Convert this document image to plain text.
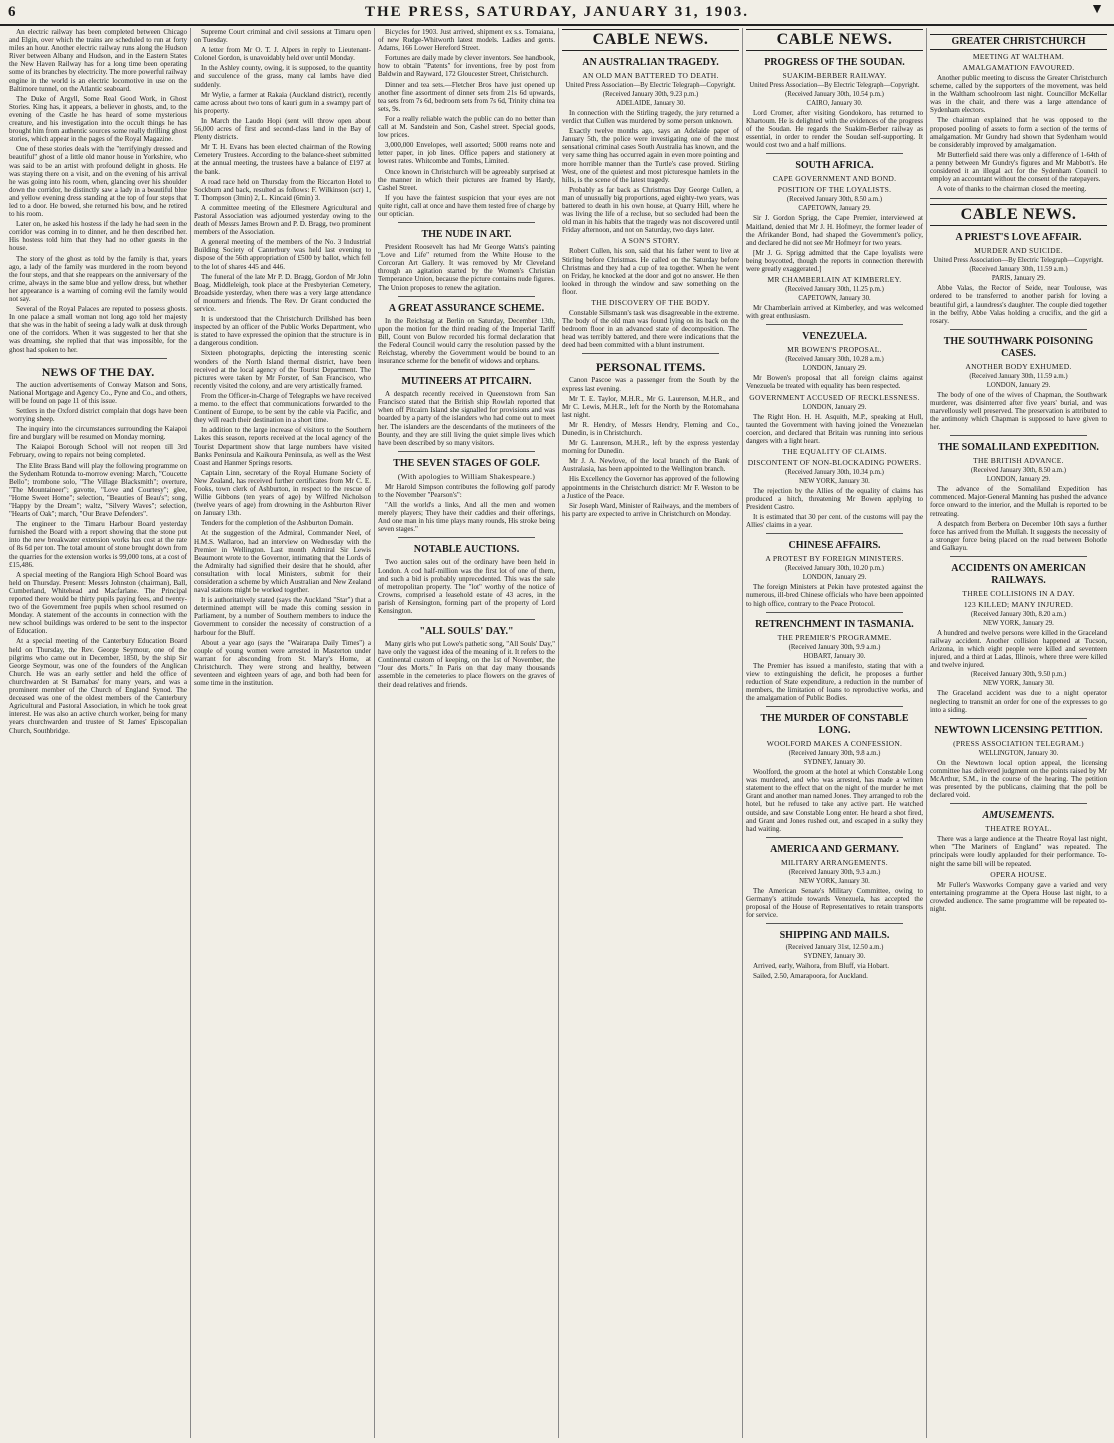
6	THE PRESS, SATURDAY, JANUARY 31, 1903.	▼

An electric railway has been completed between Chicago and Elgin, over which the trains are scheduled to run at forty miles an hour. Another electric railway runs along the Hudson River between Albany and Hudson, and in the Eastern States the New Haven Railway has for a long time been operating some of its branches by electricity. The more powerful railway engine in the world is an electric locomotive in use on the Baltimore tunnel, on the Atlantic seaboard.

The Duke of Argyll, Some Real Good Work, in Ghost Stories. King has, it appears, a believer in ghosts, and, to the evening of the Castle he has heard of some mysterious creature, and his investigation into the occult things he has brought him from authentic sources some really thrilling ghost stories, which appear in the pages of the Royal Magazine.

One of these stories deals with the "terrifyingly dressed and beautiful" ghost of a little old manor house in Yorkshire, who was said to be an artist with profound delight in ghosts. He was staying there on a visit, and on the evening of his arrival he was going into his room, when, glancing over his shoulder down the corridor, he distinctly saw a lady in a beautiful blue and yellow evening dress standing at the top of four steps that led to a door. He bowed, she returned his bow, and he retired to his room.

Later on, he asked his hostess if the lady he had seen in the corridor was coming in to dinner, and he then described her. His hostess told him that they had no other guests in the house.

The story of the ghost as told by the family is that, years ago, a lady of the family was murdered in the room beyond the four steps, and that she reappears on the anniversary of the crime, always in the same blue and yellow dress, but whether her appearance is a warning of coming evil the family would not say.

Several of the Royal Palaces are reputed to possess ghosts. In one palace a small woman not long ago told her majesty that she was in the habit of seeing a lady walk at dusk through one of the corridors. When it was suggested to her that she was dreaming, she replied that that was impossible, for the ghost had spoken to her.

NEWS OF THE DAY.

The auction advertisements of Conway Matson and Sons, National Mortgage and Agency Co., Pyne and Co., and others, will be found on page 11 of this issue.

Settlers in the Oxford district complain that dogs have been worrying sheep.

The inquiry into the circumstances surrounding the Kaiapoi fire and burglary will be resumed on Monday morning.

The Kaiapoi Borough School will not reopen till 3rd February, owing to repairs not being completed.

The Elite Brass Band will play the following programme on the Sydenham Rotunda to-morrow evening: March, "Coucette Bello"; trombone solo, "The Village Blacksmith"; overture, "The Mountaineer"; gavotte, "Love and Courtesy"; glee, "Home Sweet Home"; selection, "Beauties of Beau's"; song, "Happy by the Dream"; waltz, "Silvery Waves"; selection, "Hearts of Oak"; march, "Our Brave Defenders".

The engineer to the Timaru Harbour Board yesterday furnished the Board with a report showing that the stone put into the new breakwater extension works has cost at the rate of 8s 6d per ton. The total amount of stone brought down from the quarries for the extension works is 99,000 tons, at a cost of £15,486.

A special meeting of the Rangiora High School Board was held on Thursday. Present: Messrs Johnston (chairman), Ball, Cumberland, Whitehead and Macfarlane. The Principal reported there would be thirty pupils paying fees, and twenty-two of the Government free pupils when school resumed on Monday. A statement of the accounts in connection with the new school buildings was ordered to be sent to the inspector of Education.

At a special meeting of the Canterbury Education Board held on Thursday, the Rev. George Seymour, one of the pilgrims who came out in December, 1850, by the ship Sir George Seymour, was one of the founders of the Anglican Church. He was an early settler and held the office of churchwarden at St Barnabas' for many years, and was a prominent member of the Church of England Synod. The deceased was one of the oldest members of the Canterbury Agricultural and Pastoral Association, in which he took great interest. He was also an active church worker, being for many years churchwarden and trustee of St James' Episcopalian Church, Southbridge.

Supreme Court criminal and civil sessions at Timaru open on Tuesday.

A letter from Mr O. T. J. Alpers in reply to Lieutenant-Colonel Gordon, is unavoidably held over until Monday.

In the Ashley county, owing, it is supposed, to the quantity and succulence of the grass, many cal lambs have died suddenly.

Mr Wylie, a farmer at Rakaia (Auckland district), recently came across about two tons of kauri gum in a swampy part of his property.

In March the Laudo Hopi (sent will throw open about 56,000 acres of first and second-class land in the Bay of Plenty districts.

Mr T. H. Evans has been elected chairman of the Rowing Cemetery Trustees. According to the balance-sheet submitted at the annual meeting, the trustees have a balance of £197 at the bank.

A road race held on Thursday from the Riccarton Hotel to Sockburn and back, resulted as follows: F. Wilkinson (scr) 1, T. Thompson (3min) 2, L. Kincaid (6min) 3.

A committee meeting of the Ellesmere Agricultural and Pastoral Association was adjourned yesterday owing to the death of Messrs James Brown and P. D. Bragg, two prominent members of the Association.

A general meeting of the members of the No. 3 Industrial Building Society of Canterbury was held last evening to dispose of the 56th appropriation of £500 by ballot, which fell to the lot of shares 445 and 446.

The funeral of the late Mr P. D. Bragg, Gordon of Mr John Boag, Middleleigh, took place at the Presbyterian Cemetery, Broadside yesterday, when there was a very large attendance of mourners and friends. The Rev. Dr Grant conducted the service.

It is understood that the Christchurch Drillshed has been inspected by an officer of the Public Works Department, who is stated to have expressed the opinion that the structure is in a dangerous condition.

Sixteen photographs, depicting the interesting scenic wonders of the North Island thermal district, have been received at the local agency of the Tourist Department. The pictures were taken by Mr Forster, of San Francisco, who recently visited the colony, and are very artistically framed.

From the Officer-in-Charge of Telegraphs we have received a memo. to the effect that communications forwarded to the Continent of Europe, to be sent by the cable via Pacific, and they will reach their destination in a short time.

In addition to the large increase of visitors to the Southern Lakes this season, reports received at the local agency of the Tourist Department show that large numbers have visited Banks Peninsula and Kaikoura Peninsula, as well as the West Coast and Hanmer Springs resorts.

Captain Linn, secretary of the Royal Humane Society of New Zealand, has received further certificates from Mr C. E. Fooks, town clerk of Ashburton, in respect to the rescue of Willie Gibbons (ten years of age) by Wilfred Nicholson (twelve years of age) from drowning in the Ashburton River on January 13th.

Tenders for the completion of the Ashburton Domain.

At the suggestion of the Admiral, Commander Neel, of H.M.S. Wallaroo, had an interview on Wednesday with the Premier in Wellington. Last month Admiral Sir Lewis Beaumont wrote to the Governor, intimating that the Lords of the Admiralty had signified their desire that he should, after consultation with local Ministers, submit for their consideration a scheme by which Australian and New Zealand naval stations might be worked together.

It is authoritatively stated (says the Auckland "Star") that a determined attempt will be made this coming session in Parliament, by a number of Southern members to induce the Government to consider the necessity of construction of a harbour for the Bluff.

About a year ago (says the "Wairarapa Daily Times") a couple of young women were arrested in Masterton under warrant for absconding from St. Mary's Home, at Christchurch. They were strong and healthy, between seventeen and eighteen years of age, and both had been for some time in the institution.

Bicycles for 1903. Just arrived, shipment ex s.s. Tomaiana, of new Rudge-Whitworth latest models. Ladies and gents. Adams, 166 Lower Hereford Street.

Fortunes are daily made by clever inventors. See handbook, how to obtain "Patents" for inventions, free by post from Baldwin and Rayward, 172 Gloucester Street, Christchurch.

Dinner and tea sets.—Fletcher Bros have just opened up another fine assortment of dinner sets from 21s 6d upwards, tea sets from 7s 6d, bedroom sets from 7s 6d, Trinity china tea sets, 9s.

For a really reliable watch the public can do no better than call at M. Sandstein and Son, Cashel street. Special goods, low prices.

3,000,000 Envelopes, well assorted; 5000 reams note and letter paper, in job lines. Office papers and stationery at lowest rates. Whitcombe and Tombs, Limited.

Once known in Christchurch will be agreeably surprised at the manner in which their pictures are framed by Hardy, Cashel Street.

If you have the faintest suspicion that your eyes are not quite right, call at once and have them tested free of charge by our optician.

THE NUDE IN ART.

President Roosevelt has had Mr George Watts's painting "Love and Life" returned from the White House to the Corcoran Art Gallery. It was removed by Mr Cleveland through an agitation started by the Women's Christian Temperance Union, because the picture contains nude figures. The Union proposes to renew the agitation.

A GREAT ASSURANCE SCHEME.

In the Reichstag at Berlin on Saturday, December 13th, upon the motion for the third reading of the Imperial Tariff Bill, Count von Bulow recorded his formal declaration that the Federal Council would carry the resolution passed by the Reichstag, whereby the Government would be bound to an insurance scheme for the benefit of widows and orphans.

MUTINEERS AT PITCAIRN.

A despatch recently received in Queenstown from San Francisco stated that the British ship Rowlah reported that when off Pitcairn Island she signalled for provisions and was boarded by a party of the islanders who had come out to meet her. The islanders are the descendants of the mutineers of the Bounty, and they are still living the quiet simple lives which have been described by so many visitors.

THE SEVEN STAGES OF GOLF.
(With apologies to William Shakespeare.)

Mr Harold Simpson contributes the following golf parody to the November "Pearson's":

"All the world's a links, And all the men and women merely players; They have their caddies and their offerings, And one man in his time plays many rounds, His stroke being seven stages."

NOTABLE AUCTIONS.

Two auction sales out of the ordinary have been held in London. A cod half-million was the first lot of one of them, and such a bid is probably unprecedented. This was the sale of metropolitan property. The "lot" worthy of the notice of Crowns, comprised a leasehold estate of 43 acres, in the parish of Kensington, forming part of the property of Lord Kensington.

"ALL SOULS' DAY."

Many girls who put Lowe's pathetic song, "All Souls' Day," have only the vaguest idea of the meaning of it. It refers to the Continental custom of keeping, on the 1st of November, the "Jour des Morts." In Paris on that day many thousands assemble in the cemeteries to place flowers on the graves of their dead relatives and friends.

CABLE NEWS.
AN AUSTRALIAN TRAGEDY.
AN OLD MAN BATTERED TO DEATH.
United Press Association—By Electric Telegraph—Copyright.
(Received January 30th, 9.23 p.m.)
ADELAIDE, January 30.

In connection with the Stirling tragedy, the jury returned a verdict that Cullen was murdered by some person unknown.

Exactly twelve months ago, says an Adelaide paper of January 5th, the police were investigating one of the most sensational criminal cases South Australia has known, and the very same thing has occurred again in even more pointing and more horrible manner than the Turtle's case proved. Stirling West, one of the quietest and most picturesque hamlets in the hills, is the scene of the latest tragedy.

Probably as far back as Christmas Day George Cullen, a man of unusually big proportions, aged eighty-two years, was battered to death in his own house, at Quarry Hill, where he was living the life of a recluse, but so secluded had been the old man in his habits that the tragedy was not discovered until Friday afternoon, and not on Saturday, two days later.

A SON'S STORY.

Robert Cullen, his son, said that his father went to live at Stirling before Christmas. He called on the Saturday before Christmas and they had a cup of tea together. When he went on Friday, he knocked at the door and got no answer. He then looked in through the window and saw something on the floor.

THE DISCOVERY OF THE BODY.

Constable Sillsmann's task was disagreeable in the extreme. The body of the old man was found lying on its back on the bedroom floor in an advanced state of decomposition. The head was terribly battered, and there were indications that the deed had been committed with a blunt instrument.

PERSONAL ITEMS.

Canon Pascoe was a passenger from the South by the express last evening.

Mr T. E. Taylor, M.H.R., Mr G. Laurenson, M.H.R., and Mr C. Lewis, M.H.R., left for the North by the Rotomahana last night.

Mr R. Hendry, of Messrs Hendry, Fleming and Co., Dunedin, is in Christchurch.

Mr G. Laurenson, M.H.R., left by the express yesterday morning for Dunedin.

Mr J. A. Newlove, of the local branch of the Bank of Australasia, has been appointed to the Wellington branch.

His Excellency the Governor has approved of the following appointments in the Christchurch district: Mr F. Weston to be a Justice of the Peace.

Sir Joseph Ward, Minister of Railways, and the members of his party are expected to arrive in Christchurch on Monday.

CABLE NEWS.
PROGRESS OF THE SOUDAN.
SUAKIM-BERBER RAILWAY.
United Press Association—By Electric Telegraph—Copyright.
(Received January 30th, 10.54 p.m.)
CAIRO, January 30.

Lord Cromer, after visiting Gondokoro, has returned to Khartoum. He is delighted with the evidences of the progress of the Soudan. He regards the Suakim-Berber railway as essential, in order to render the Soudan self-supporting. It would cost two and a half millions.

SOUTH AFRICA.
CAPE GOVERNMENT AND BOND.
POSITION OF THE LOYALISTS.
(Received January 30th, 8.50 a.m.)
CAPETOWN, January 29.

Sir J. Gordon Sprigg, the Cape Premier, interviewed at Maitland, denied that Mr J. H. Hofmeyr, the former leader of the Afrikander Bond, had shaped the Government's policy, and declared he did not see Mr Hofmeyr for two years.

[Mr J. G. Sprigg admitted that the Cape loyalists were being boycotted, though the reports in connection therewith were greatly exaggerated.]

MR CHAMBERLAIN AT KIMBERLEY.
(Received January 30th, 11.25 p.m.)
CAPETOWN, January 30.

Mr Chamberlain arrived at Kimberley, and was welcomed with great enthusiasm.

VENEZUELA.
MR BOWEN'S PROPOSAL.
(Received January 30th, 10.28 a.m.)
LONDON, January 29.

Mr Bowen's proposal that all foreign claims against Venezuela be treated with equality has been respected.

GOVERNMENT ACCUSED OF RECKLESSNESS.
LONDON, January 29.

The Right Hon. H. H. Asquith, M.P., speaking at Hull, taunted the Government with having joined the Venezuelan coercion, and declared that Britain was running into serious dangers with a light heart.

THE EQUALITY OF CLAIMS.
DISCONTENT OF NON-BLOCKADING POWERS.
(Received January 30th, 10.34 p.m.)
NEW YORK, January 30.

The rejection by the Allies of the equality of claims has produced a hitch, threatening Mr Bowen applying to President Castro.

It is estimated that 30 per cent. of the customs will pay the Allies' claims in a year.

CHINESE AFFAIRS.
A PROTEST BY FOREIGN MINISTERS.
(Received January 30th, 10.20 p.m.)
LONDON, January 29.

The foreign Ministers at Pekin have protested against the numerous, ill-bred Chinese officials who have been appointed to high office, contrary to the Peace Protocol.

RETRENCHMENT IN TASMANIA.
THE PREMIER'S PROGRAMME.
(Received January 30th, 9.9 a.m.)
HOBART, January 30.

The Premier has issued a manifesto, stating that with a view to extinguishing the deficit, he proposes a further reduction of State expenditure, a reduction in the number of members, the limitation of loans to reproductive works, and the amalgamation of Public Bodies.

THE MURDER OF CONSTABLE LONG.
WOOLFORD MAKES A CONFESSION.
(Received January 30th, 9.8 a.m.)
SYDNEY, January 30.

Woolford, the groom at the hotel at which Constable Long was murdered, and who was arrested, has made a written statement to the effect that on the night of the murder he met Grant and another man named Jones. They arranged to rob the hotel, but he refused to take any active part. He watched outside, and saw Constable Long enter. He heard a shot fired, and Grant and Jones rushed out, and escaped in a sulky they had waiting.

AMERICA AND GERMANY.
MILITARY ARRANGEMENTS.
(Received January 30th, 9.3 a.m.)
NEW YORK, January 30.

The American Senate's Military Committee, owing to Germany's attitude towards Venezuela, has accepted the proposal of the House of Representatives to retain transports for service.

SHIPPING AND MAILS.
(Received January 31st, 12.50 a.m.)
SYDNEY, January 30.

Arrived, early, Waihora, from Bluff, via Hobart.

Sailed, 2.50, Amarapoora, for Auckland.

GREATER CHRISTCHURCH
MEETING AT WALTHAM.
AMALGAMATION FAVOURED.

Another public meeting to discuss the Greater Christchurch scheme, called by the supporters of the movement, was held in the Waltham schoolroom last night. Councillor McKellar was in the chair, and there was a large attendance of Sydenham electors.

The chairman explained that he was opposed to the proposed pooling of assets to form a section of the terms of amalgamation. Mr Gundry had shown that Sydenham would be considerably improved by amalgamation.

Mr Butterfield said there was only a difference of 1-64th of a penny between Mr Gundry's figures and Mr Mabbott's. He considered it an illegal act for the Sydenham Council to employ an accountant without the consent of the ratepayers.

A vote of thanks to the chairman closed the meeting.

CABLE NEWS.
A PRIEST'S LOVE AFFAIR.
MURDER AND SUICIDE.
United Press Association—By Electric Telegraph—Copyright.
(Received January 30th, 11.59 a.m.)
PARIS, January 29.

Abbe Valas, the Rector of Seide, near Toulouse, was ordered to be transferred to another parish for loving a beautiful girl, a laundress's daughter. The couple died together in the belfry, Abbe Valas holding a crucifix, and the girl a rosary.

THE SOUTHWARK POISONING CASES.
ANOTHER BODY EXHUMED.
(Received January 30th, 11.59 a.m.)
LONDON, January 29.

The body of one of the wives of Chapman, the Southwark murderer, was disinterred after five years' burial, and was marvellously well preserved. The preservation is attributed to the antimony which Chapman is supposed to have given to her.

THE SOMALILAND EXPEDITION.
THE BRITISH ADVANCE.
(Received January 30th, 8.50 a.m.)
LONDON, January 29.

The advance of the Somaliland Expedition has commenced. Major-General Manning has pushed the advance force onward to the interior, and the Mullah is reported to be retreating.

A despatch from Berbera on December 10th says a further force has arrived from the Mullah. It suggests the necessity of a stronger force being placed on the road between Bohotle and Galkayu.

ACCIDENTS ON AMERICAN RAILWAYS.
THREE COLLISIONS IN A DAY.
123 KILLED; MANY INJURED.
(Received January 30th, 8.20 a.m.)
NEW YORK, January 29.

A hundred and twelve persons were killed in the Graceland railway accident. Another collision happened at Tucson, Arizona, in which eight people were killed and seventeen injured, and a third at Ladas, Illinois, where three were killed and twelve injured.

(Received January 30th, 9.50 p.m.)
NEW YORK, January 30.

The Graceland accident was due to a night operator neglecting to transmit an order for one of the expresses to go into a siding.

NEWTOWN LICENSING PETITION.
(PRESS ASSOCIATION TELEGRAM.)
WELLINGTON, January 30.

On the Newtown local option appeal, the licensing committee has delivered judgment on the points raised by Mr McArthur, S.M., in the course of the hearing. The petition was presented by the publicans, claiming that the poll be declared void.

AMUSEMENTS.
THEATRE ROYAL.

There was a large audience at the Theatre Royal last night, when "The Mariners of England" was repeated. The principals were loudly applauded for their performance. To-night the same bill will be repeated.

OPERA HOUSE.

Mr Fuller's Waxworks Company gave a varied and very entertaining programme at the Opera House last night, to a crowded audience. The same programme will be repeated to-night.
